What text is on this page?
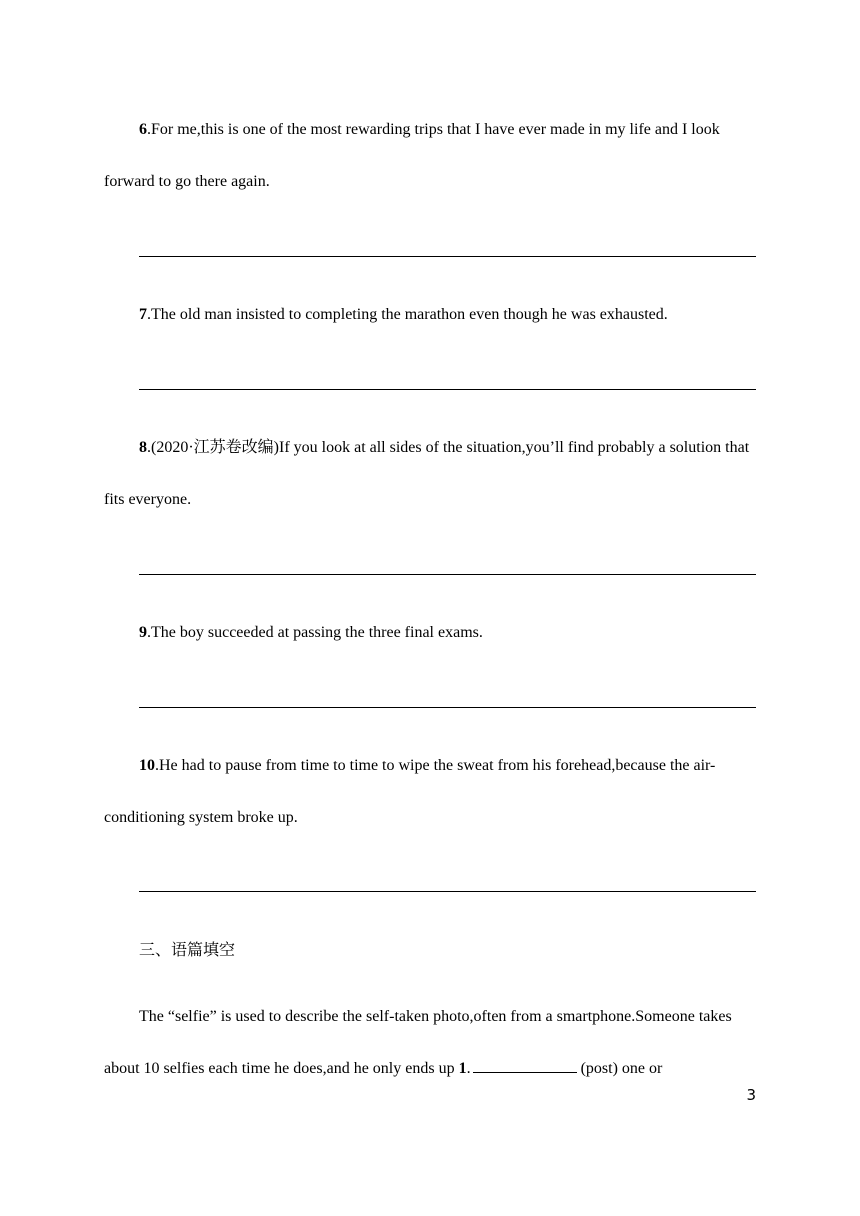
6.For me,this is one of the most rewarding trips that I have ever made in my life and I look forward to go there again.
7.The old man insisted to completing the marathon even though he was exhausted.
8.(2020·江苏卷改编)If you look at all sides of the situation,you’ll find probably a solution that fits everyone.
9.The boy succeeded at passing the three final exams.
10.He had to pause from time to time to wipe the sweat from his forehead,because the air-conditioning system broke up.
三、语篇填空
The “selfie” is used to describe the self-taken photo,often from a smartphone.Someone takes about 10 selfies each time he does,and he only ends up 1.	(post) one or
3
